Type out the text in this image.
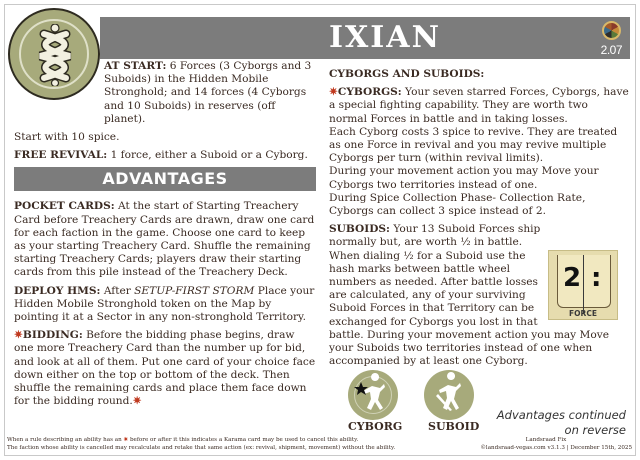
IXIAN	2.07

AT START: 6 Forces (3 Cyborgs and 3 Suboids) in the Hidden Mobile Stronghold; and 14 forces (4 Cyborgs and 10 Suboids) in reserves (off planet).

Start with 10 spice.

FREE REVIVAL: 1 force, either a Suboid or a Cyborg.

ADVANTAGES

POCKET CARDS: At the start of Starting Treachery Card before Treachery Cards are drawn, draw one card for each faction in the game. Choose one card to keep as your starting Treachery Card. Shuffle the remaining starting Treachery Cards; players draw their starting cards from this pile instead of the Treachery Deck.

DEPLOY HMS: After SETUP-FIRST STORM Place your Hidden Mobile Stronghold token on the Map by pointing it at a Sector in any non-stronghold Territory.

✷BIDDING: Before the bidding phase begins, draw one more Treachery Card than the number up for bid, and look at all of them. Put one card of your choice face down either on the top or bottom of the deck. Then shuffle the remaining cards and place them face down for the bidding round.✷

CYBORGS AND SUBOIDS:

✷CYBORGS: Your seven starred Forces, Cyborgs, have a special fighting capability. They are worth two normal Forces in battle and in taking losses.

Each Cyborg costs 3 spice to revive. They are treated as one Force in revival and you may revive multiple Cyborgs per turn (within revival limits).

During your movement action you may Move your Cyborgs two territories instead of one.

During Spice Collection Phase- Collection Rate, Cyborgs can collect 3 spice instead of 2.

SUBOIDS: Your 13 Suboid Forces ship normally but, are worth ½ in battle. When dialing ½ for a Suboid use the hash marks between battle wheel numbers as needed. After battle losses are calculated, any of your surviving Suboid Forces in that Territory can be exchanged for Cyborgs you lost in that battle. During your movement action you may Move your Suboids two territories instead of one when accompanied by at least one Cyborg.

2 :
FORCE
CYBORG SUBOID
Advantages continued
on reverse
When a rule describing an ability has an ✷ before or after it this indicates a Karama card may be used to cancel this ability.
The faction whose ability is cancelled may recalculate and retake that same action (ex: revival, shipment, movement) without the ability.
Landsraad Fix
©landsraad-vegas.com v3.1.3 | December 15th, 2025
